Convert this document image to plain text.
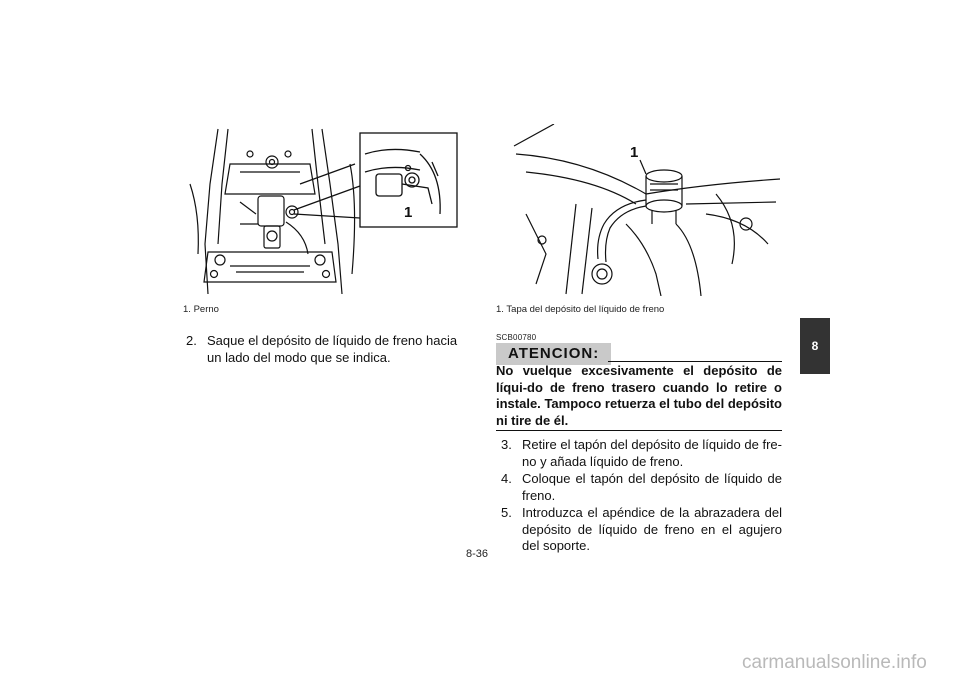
1
1. Perno
2. Saque el depósito de líquido de freno hacia un lado del modo que se indica.
1
1. Tapa del depósito del líquido de freno
SCB00780
ATENCION:
No vuelque excesivamente el depósito de líqui-do de freno trasero cuando lo retire o instale. Tampoco retuerza el tubo del depósito ni tire de él.
3. Retire el tapón del depósito de líquido de fre-no y añada líquido de freno.
4. Coloque el tapón del depósito de líquido de freno.
5. Introduzca el apéndice de la abrazadera del depósito de líquido de freno en el agujero del soporte.
8-36
8
carmanualsonline.info
